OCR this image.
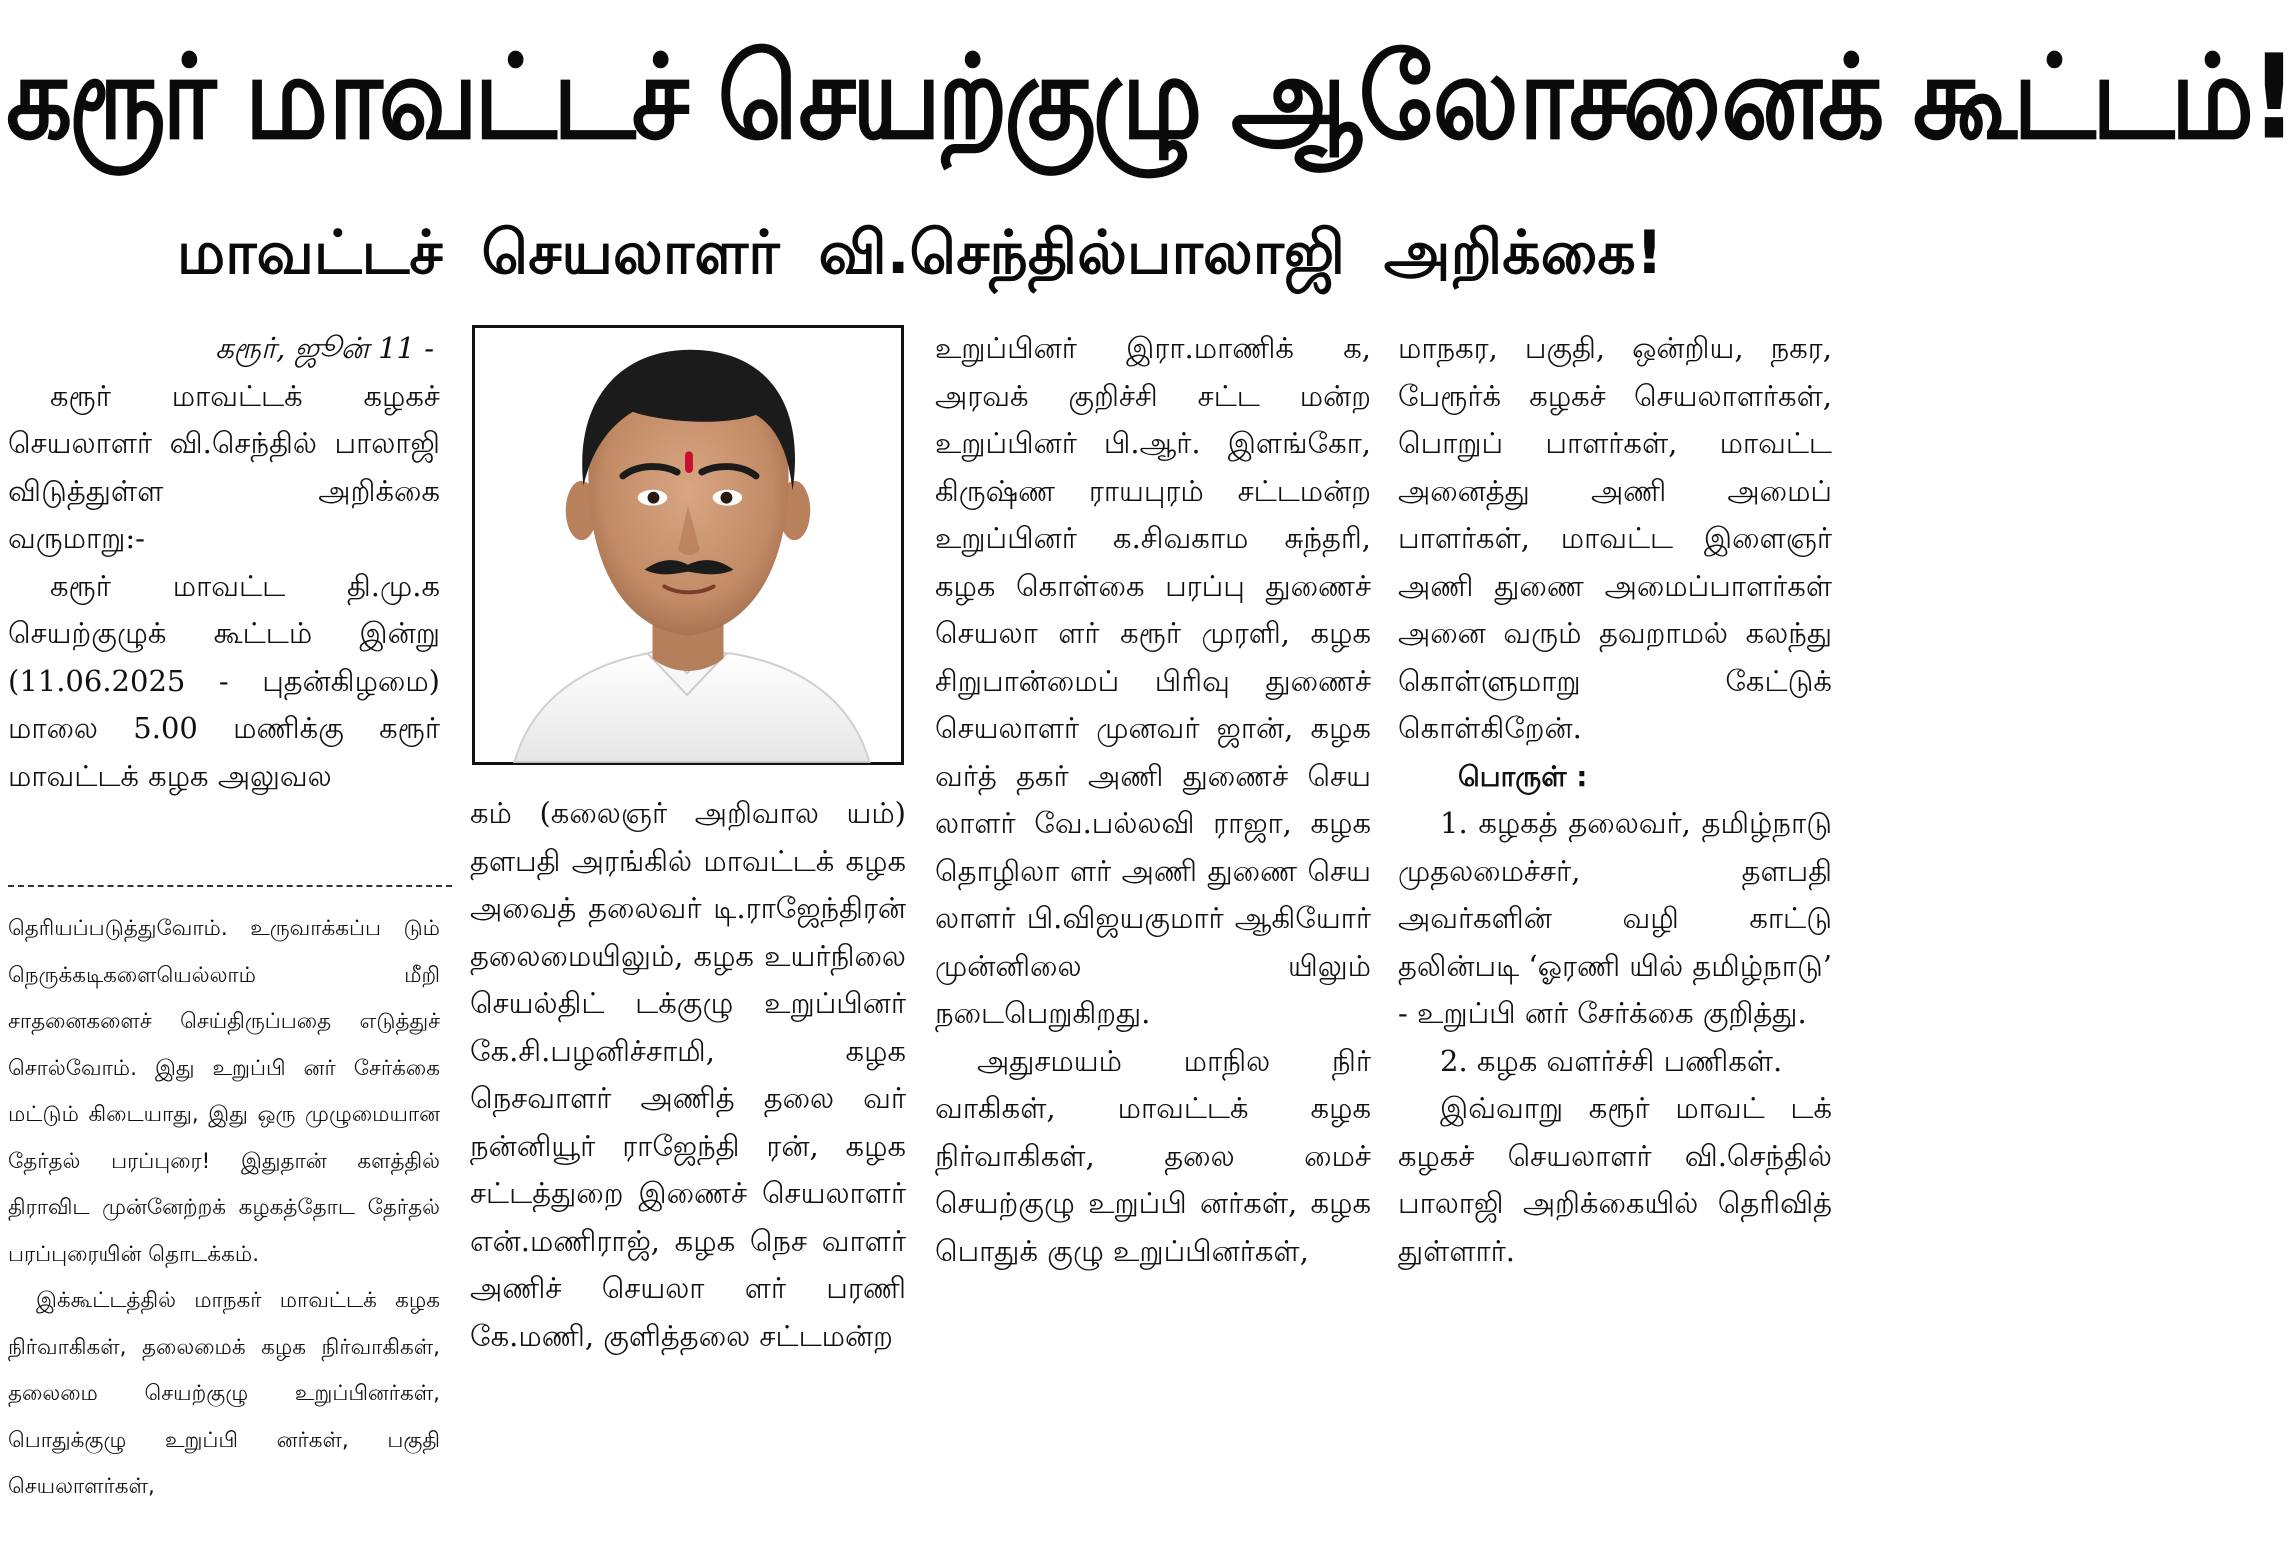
கரூர் மாவட்டச் செயற்குழு ஆலோசனைக் கூட்டம்!
மாவட்டச் செயலாளர் வி.செந்தில்பாலாஜி அறிக்கை!

கரூர், ஜூன் 11 -

கரூர் மாவட்டக் கழகச் செயலாளர் வி.செந்தில் பாலாஜி விடுத்துள்ள அறிக்கை வருமாறு:-

கரூர் மாவட்ட தி.மு.க செயற்குழுக் கூட்டம் இன்று (11.06.2025 - புதன்கிழமை) மாலை 5.00 மணிக்கு கரூர் மாவட்டக் கழக அலுவல

தெரியப்படுத்துவோம். உருவாக்கப்ப டும் நெருக்கடிகளையெல்லாம் மீறி சாதனைகளைச் செய்திருப்பதை எடுத்துச் சொல்வோம். இது உறுப்பி னர் சேர்க்கை மட்டும் கிடையாது, இது ஒரு முழுமையான தேர்தல் பரப்புரை! இதுதான் களத்தில் திராவிட முன்னேற்றக் கழகத்தோட தேர்தல் பரப்புரையின் தொடக்கம்.

இக்கூட்டத்தில் மாநகர் மாவட்டக் கழக நிர்வாகிகள், தலைமைக் கழக நிர்வாகிகள், தலைமை செயற்குழு உறுப்பினர்கள், பொதுக்குழு உறுப்பி னர்கள், பகுதி செயலாளர்கள்,

கம் (கலைஞர் அறிவால யம்) தளபதி அரங்கில் மாவட்டக் கழக அவைத் தலைவர் டி.ராஜேந்திரன் தலைமையிலும், கழக உயர்நிலை செயல்திட் டக்குழு உறுப்பினர் கே.சி.பழனிச்சாமி, கழக நெசவாளர் அணித் தலை வர் நன்னியூர் ராஜேந்தி ரன், கழக சட்டத்துறை இணைச் செயலாளர் என்.மணிராஜ், கழக நெச வாளர் அணிச் செயலா ளர் பரணி கே.மணி, குளித்தலை சட்டமன்ற

உறுப்பினர் இரா.மாணிக் க, அரவக் குறிச்சி சட்ட மன்ற உறுப்பினர் பி.ஆர். இளங்கோ, கிருஷ்ண ராயபுரம் சட்டமன்ற உறுப்பினர் க.சிவகாம சுந்தரி, கழக கொள்கை பரப்பு துணைச் செயலா ளர் கரூர் முரளி, கழக சிறுபான்மைப் பிரிவு துணைச் செயலாளர் முனவர் ஜான், கழக வர்த் தகர் அணி துணைச் செய லாளர் வே.பல்லவி ராஜா, கழக தொழிலா ளர் அணி துணை செய லாளர் பி.விஜயகுமார் ஆகியோர் முன்னிலை யிலும் நடைபெறுகிறது.

அதுசமயம் மாநில நிர் வாகிகள், மாவட்டக் கழக நிர்வாகிகள், தலை மைச் செயற்குழு உறுப்பி னர்கள், கழக பொதுக் குழு உறுப்பினர்கள்,

மாநகர, பகுதி, ஒன்றிய, நகர, பேரூர்க் கழகச் செயலாளர்கள், பொறுப் பாளர்கள், மாவட்ட அனைத்து அணி அமைப் பாளர்கள், மாவட்ட இளைஞர் அணி துணை அமைப்பாளர்கள் அனை வரும் தவறாமல் கலந்து கொள்ளுமாறு கேட்டுக் கொள்கிறேன்.

பொருள் :

1. கழகத் தலைவர், தமிழ்நாடு முதலமைச்சர், தளபதி அவர்களின் வழி காட்டு தலின்படி ‘ஓரணி யில் தமிழ்நாடு’ - உறுப்பி னர் சேர்க்கை குறித்து.

2. கழக வளர்ச்சி பணிகள்.

இவ்வாறு கரூர் மாவட் டக் கழகச் செயலாளர் வி.செந்தில் பாலாஜி அறிக்கையில் தெரிவித் துள்ளார்.
